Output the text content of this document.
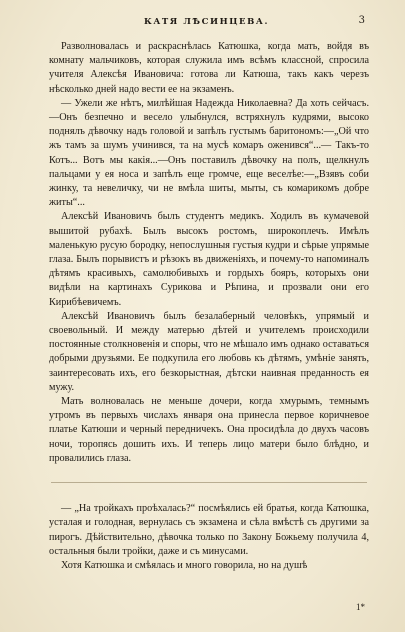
КАТЯ ЛѢСИНЦЕВА.	3

Разволновалась и раскраснѣлась Катюшка, когда мать, войдя въ комнату мальчиковъ, которая служила имъ всѣмъ классной, спросила учителя Алексѣя Ивановича: готова ли Катюша, такъ какъ черезъ нѣсколько дней надо вести ее на экзаменъ.

— Ужели же нѣтъ, милѣйшая Надежда Николаевна? Да хоть сейчасъ.—Онъ безпечно и весело улыбнулся, встряхнулъ кудрями, высоко поднялъ дѣвочку надъ головой и запѣлъ густымъ баритономъ:—„Ой что жъ тамъ за шумъ учинився, та на мусѣ комаръ оженився“...— Такъ-то Котъ... Вотъ мы какія...—Онъ поставилъ дѣвочку на полъ, щелкнулъ пальцами у ея носа и запѣлъ еще громче, еще веселѣе:—„Взявъ соби жинку, та невеличку, чи не вмѣла шиты, мыты, съ комарикомъ добре житы“...

Алексѣй Ивановичъ былъ студентъ медикъ. Ходилъ въ кумачевой вышитой рубахѣ. Былъ высокъ ростомъ, широкоплечъ. Имѣлъ маленькую русую бородку, непослушныя густыя кудри и сѣрые упрямые глаза. Былъ порывистъ и рѣзокъ въ движеніяхъ, и почему-то напоминалъ дѣтямъ красивыхъ, самолюбивыхъ и гордыхъ бояръ, которыхъ они видѣли на картинахъ Сурикова и Рѣпина, и прозвали они его Кирибѣевичемъ.

Алексѣй Ивановичъ былъ безалаберный человѣкъ, упрямый и своевольный. И между матерью дѣтей и учителемъ происходили постоянные столкновенія и споры, что не мѣшало имъ однако оставаться добрыми друзьями. Ее подкупила его любовь къ дѣтямъ, умѣніе занять, заинтересовать ихъ, его безкорыстная, дѣтски наивная преданность ея мужу.

Мать волновалась не меньше дочери, когда хмурымъ, темнымъ утромъ въ первыхъ числахъ января она принесла первое коричневое платье Катюши и черный передничекъ. Она просидѣла до двухъ часовъ ночи, торопясь дошить ихъ. И теперь лицо матери было блѣдно, и провалились глаза.

— „На тройкахъ проѣхалась?“ посмѣялись ей братья, когда Катюшка, усталая и голодная, вернулась съ экзамена и сѣла вмѣстѣ съ другими за пирогъ. Дѣйствительно, дѣвочка только по Закону Божьему получила 4, остальныя были тройки, даже и съ минусами.

Хотя Катюшка и смѣялась и много говорила, но на душѣ

1*
